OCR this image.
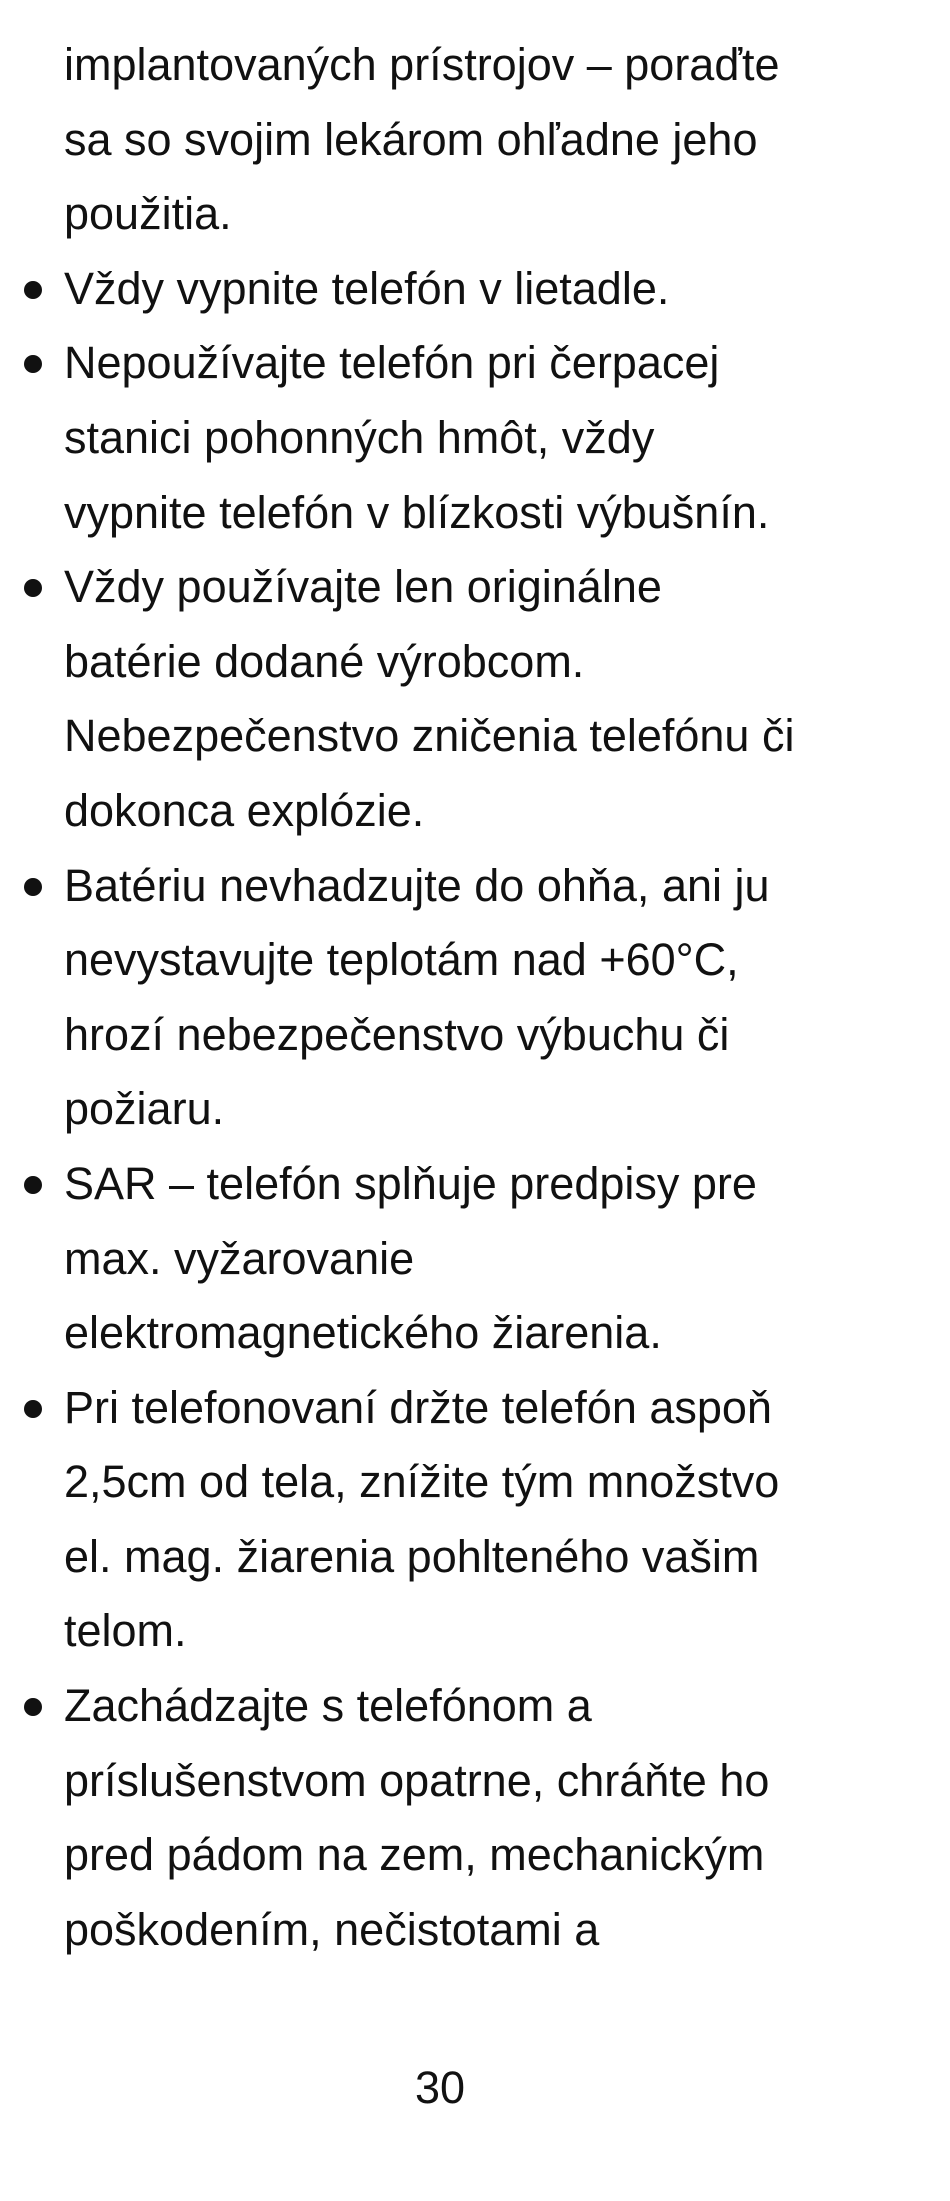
implantovaných prístrojov – poraďte
sa so svojim lekárom ohľadne jeho
použitia.
Vždy vypnite telefón v lietadle.
Nepoužívajte telefón pri čerpacej
stanici pohonných hmôt, vždy
vypnite telefón v blízkosti výbušnín.
Vždy používajte len originálne
batérie dodané výrobcom.
Nebezpečenstvo zničenia telefónu či
dokonca explózie.
Batériu nevhadzujte do ohňa, ani ju
nevystavujte teplotám nad +60°C,
hrozí nebezpečenstvo výbuchu či
požiaru.
SAR – telefón splňuje predpisy pre
max. vyžarovanie
elektromagnetického žiarenia.
Pri telefonovaní držte telefón aspoň
2,5cm od tela, znížite tým množstvo
el. mag. žiarenia pohlteného vašim
telom.
Zachádzajte s telefónom a
príslušenstvom opatrne, chráňte ho
pred pádom na zem, mechanickým
poškodením, nečistotami a
30
